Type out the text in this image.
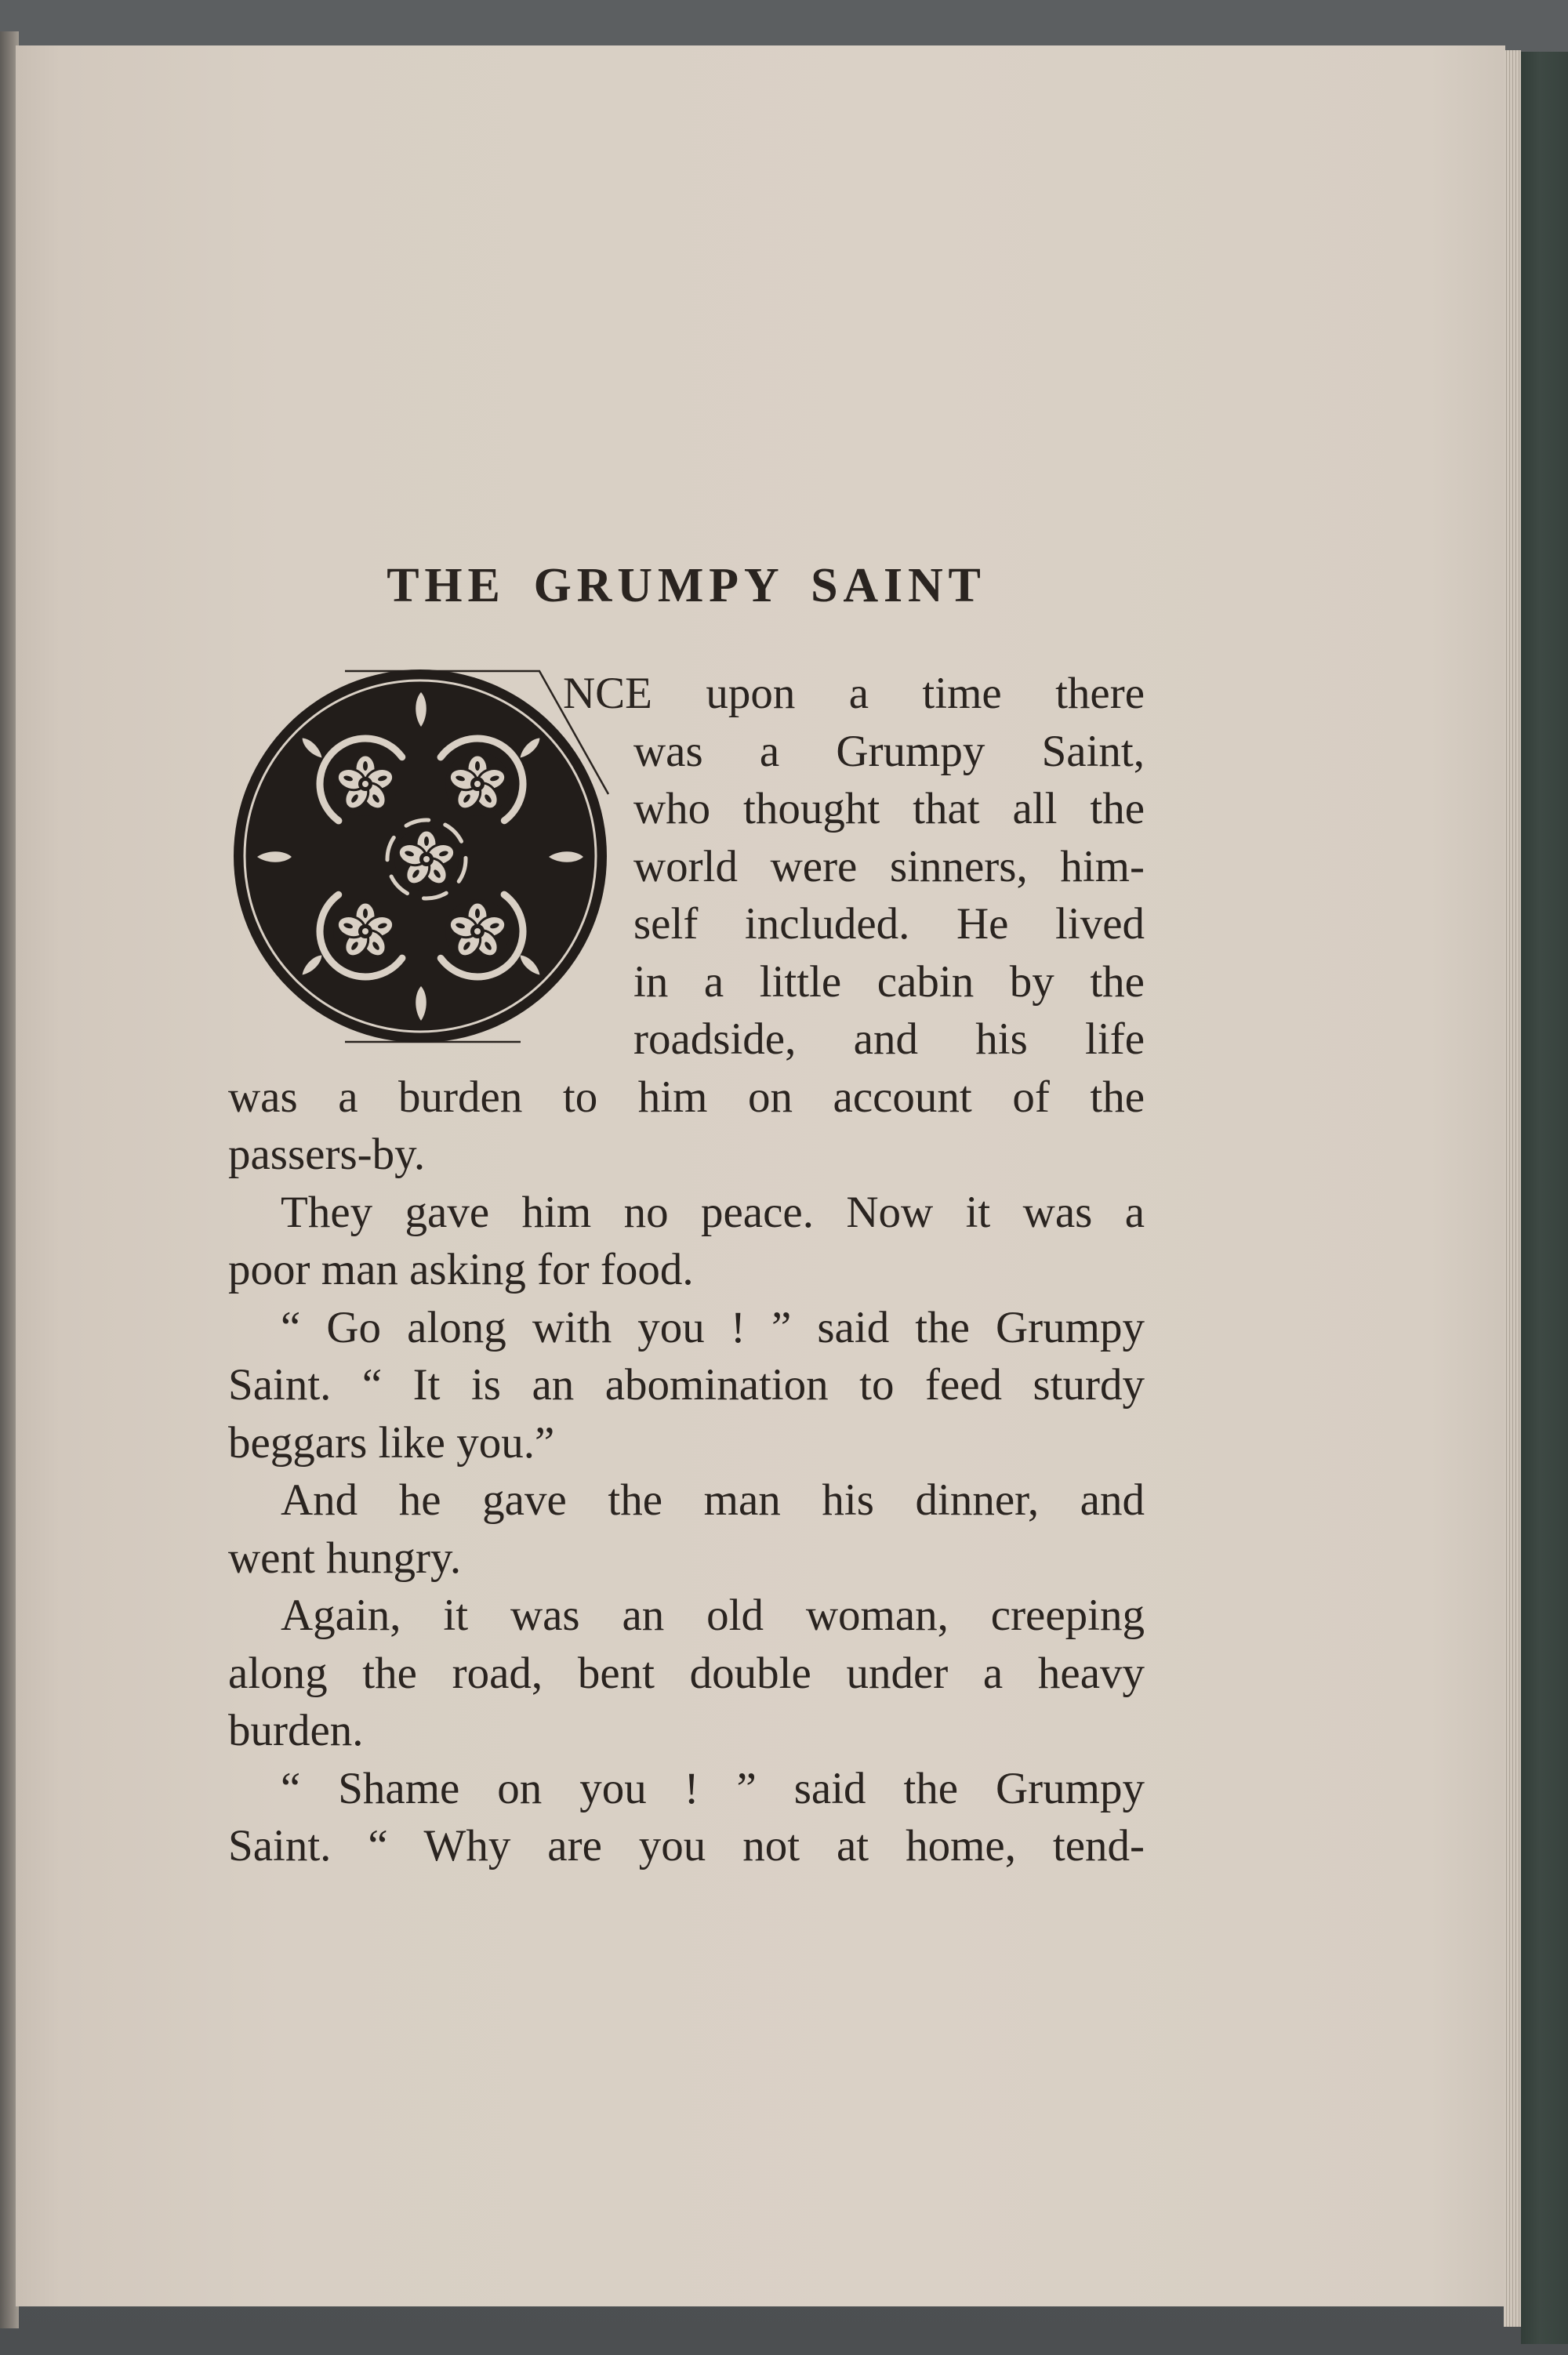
THE GRUMPY SAINT
NCE upon a time there
was a Grumpy Saint,
who thought that all the
world were sinners, him-
self included. He lived
in a little cabin by the
roadside, and his life
was a burden to him on account of the
passers-by.
They gave him no peace. Now it was a
poor man asking for food.
“ Go along with you ! ” said the Grumpy
Saint. “ It is an abomination to feed sturdy
beggars like you.”
And he gave the man his dinner, and
went hungry.
Again, it was an old woman, creeping
along the road, bent double under a heavy
burden.
“ Shame on you ! ” said the Grumpy
Saint. “ Why are you not at home, tend-
